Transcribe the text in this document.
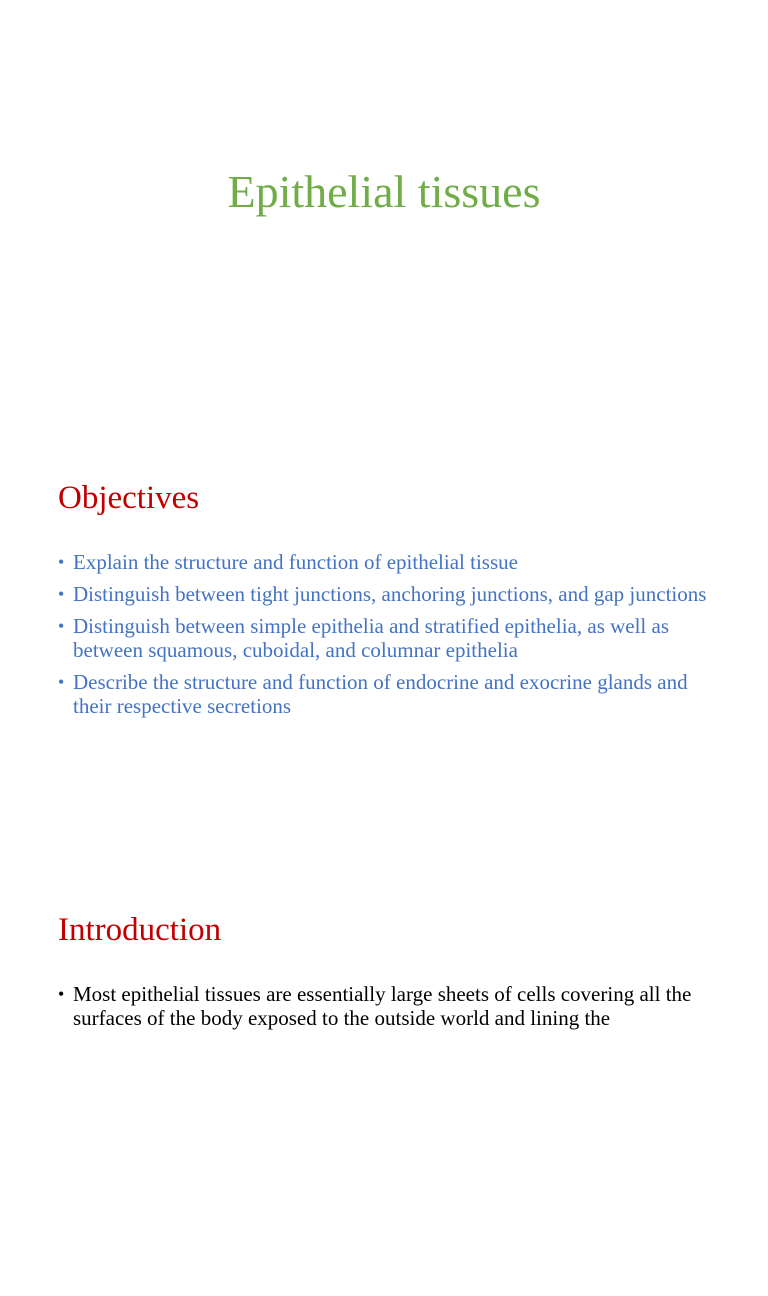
Epithelial tissues
Objectives
• Explain the structure and function of epithelial tissue
• Distinguish between tight junctions, anchoring junctions, and gap junctions
• Distinguish between simple epithelia and stratified epithelia, as well as between squamous, cuboidal, and columnar epithelia
• Describe the structure and function of endocrine and exocrine glands and their respective secretions
Introduction
• Most epithelial tissues are essentially large sheets of cells covering all the surfaces of the body exposed to the outside world and lining the
